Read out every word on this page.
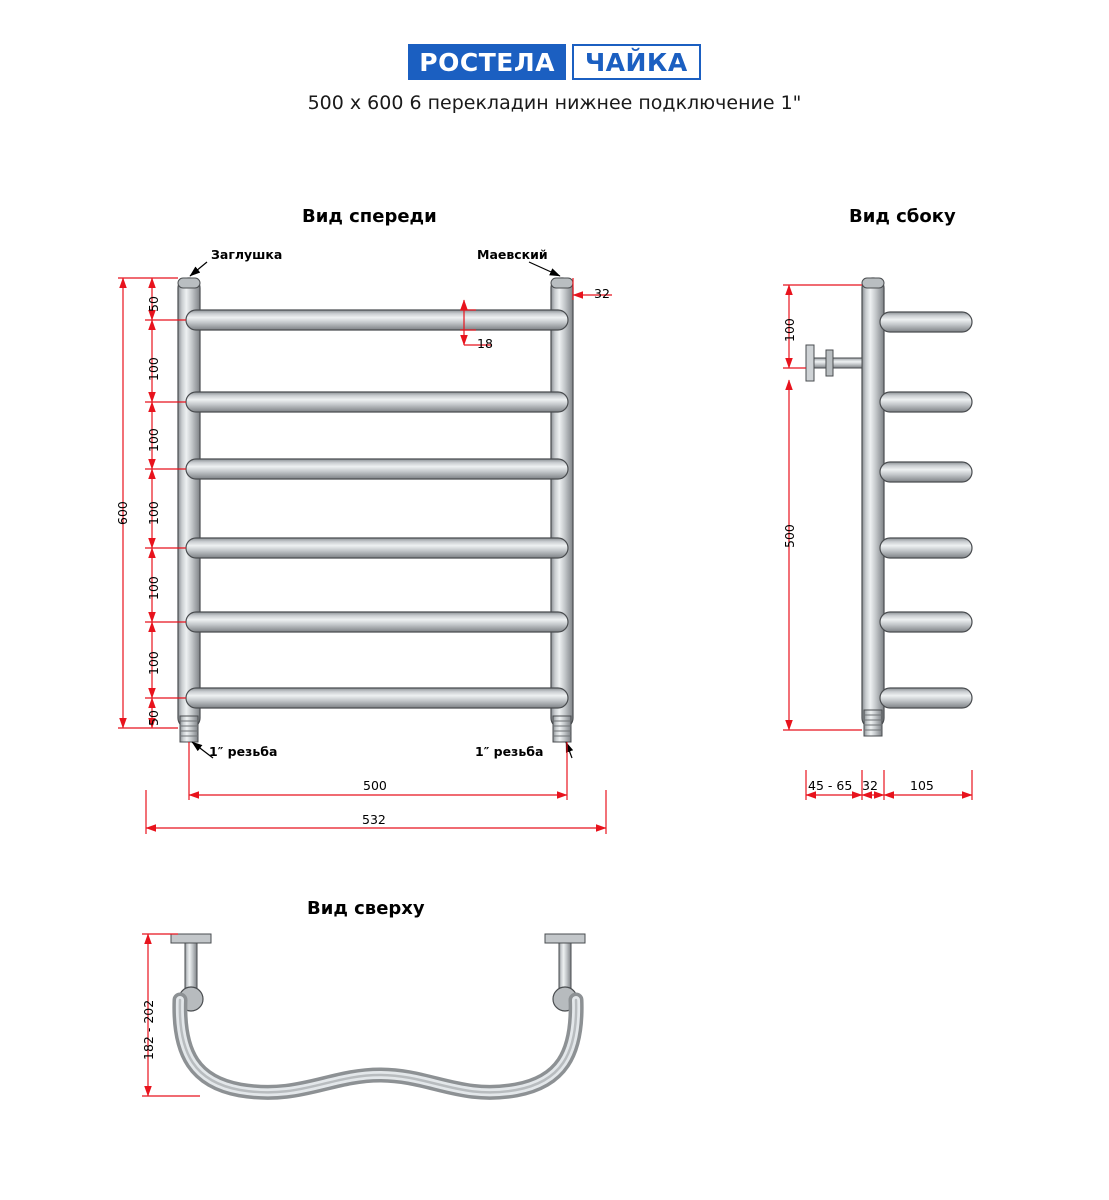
РОСТЕЛА	ЧАЙКА
500 x 600 6 перекладин нижнее подключение 1"
Вид спереди	Вид сбоку
Вид сверху
Заглушка	Маевский
1″ резьба	1″ резьба
600
50
100
100
100
100
100
50
32
18
500
532
100
500
45 - 65 32	105
182 - 202
